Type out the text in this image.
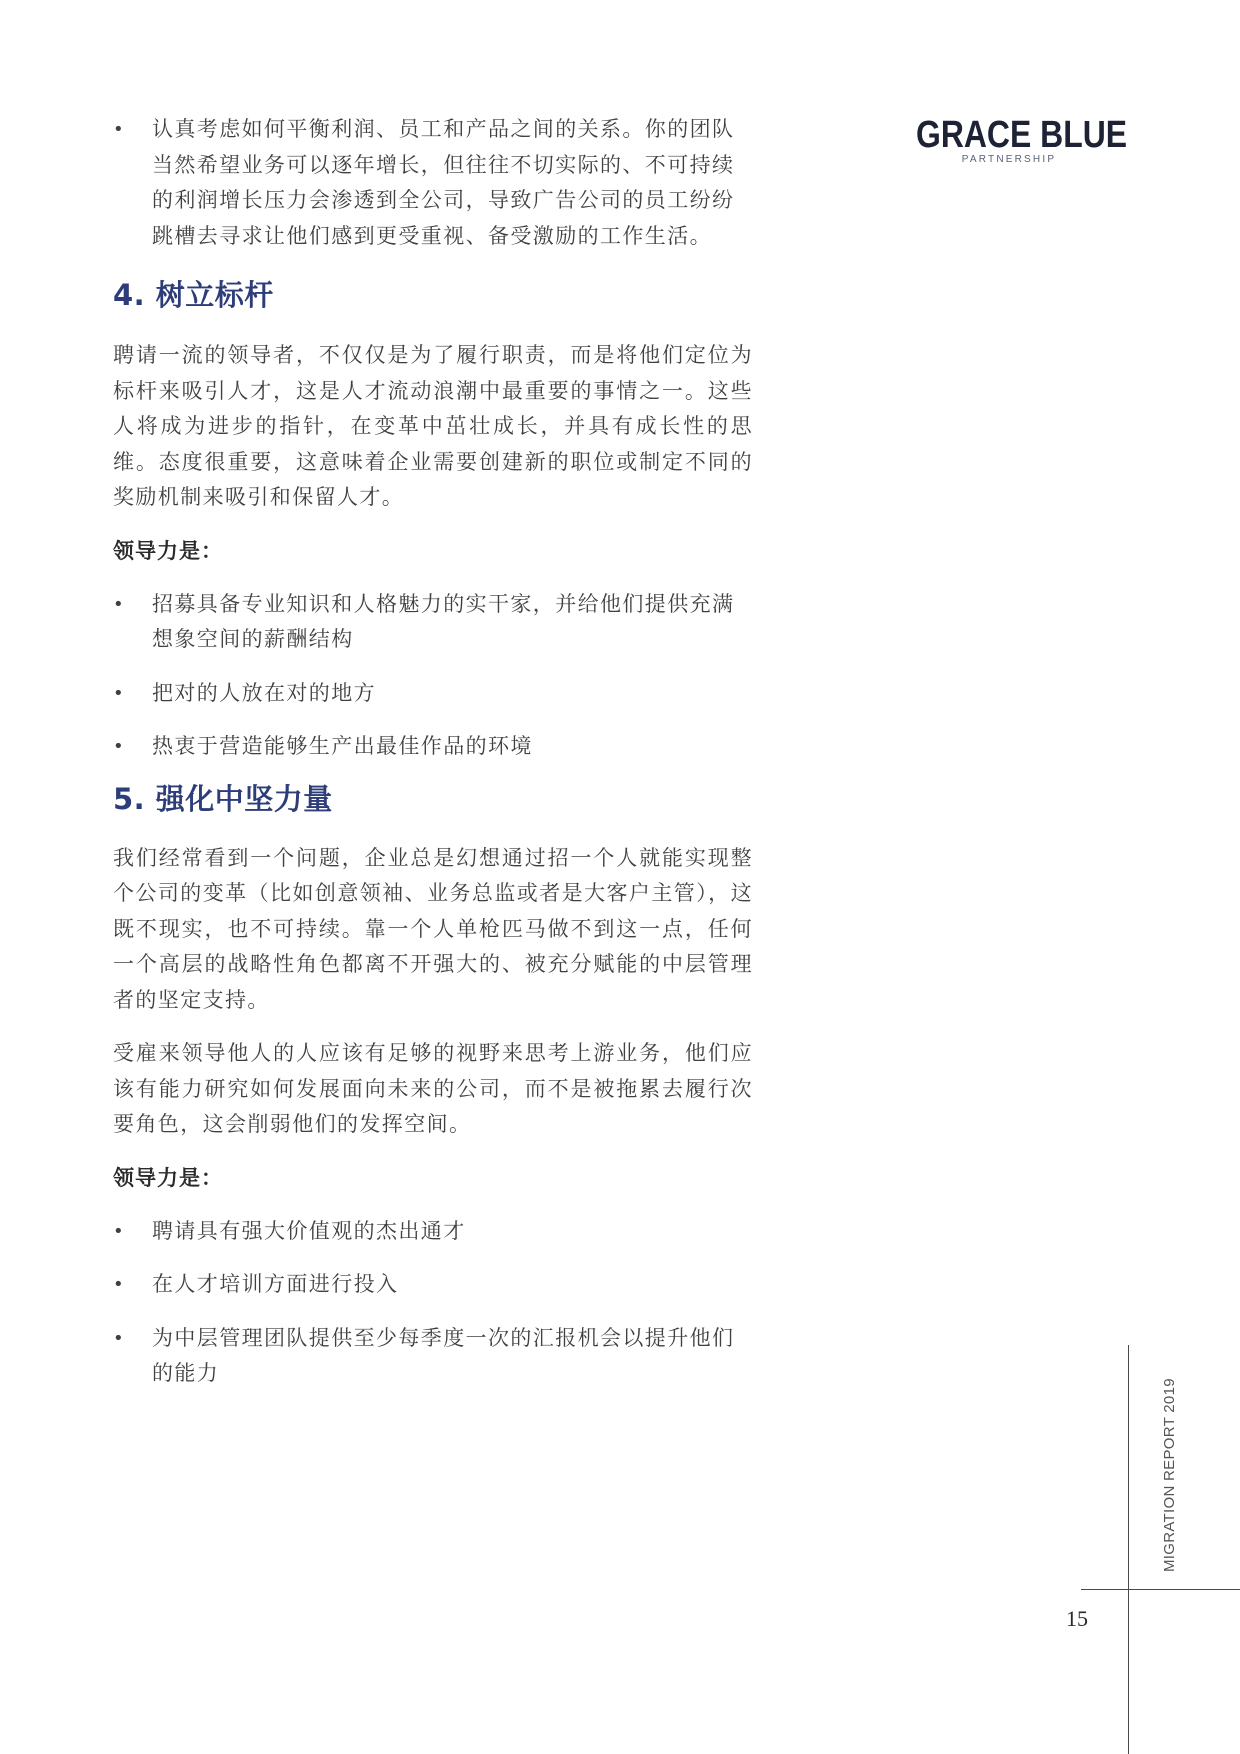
GRACE BLUE
PARTNERSHIP
• 认真考虑如何平衡利润、员工和产品之间的关系。你的团队当然希望业务可以逐年增长，但往往不切实际的、不可持续的利润增长压力会渗透到全公司，导致广告公司的员工纷纷跳槽去寻求让他们感到更受重视、备受激励的工作生活。
4. 树立标杆

聘请一流的领导者，不仅仅是为了履行职责，而是将他们定位为标杆来吸引人才，这是人才流动浪潮中最重要的事情之一。这些人将成为进步的指针，在变革中茁壮成长，并具有成长性的思维。态度很重要，这意味着企业需要创建新的职位或制定不同的奖励机制来吸引和保留人才。

领导力是：

• 招募具备专业知识和人格魅力的实干家，并给他们提供充满想象空间的薪酬结构
• 把对的人放在对的地方
• 热衷于营造能够生产出最佳作品的环境
5. 强化中坚力量

我们经常看到一个问题，企业总是幻想通过招一个人就能实现整个公司的变革（比如创意领袖、业务总监或者是大客户主管），这既不现实，也不可持续。靠一个人单枪匹马做不到这一点，任何一个高层的战略性角色都离不开强大的、被充分赋能的中层管理者的坚定支持。

受雇来领导他人的人应该有足够的视野来思考上游业务，他们应该有能力研究如何发展面向未来的公司，而不是被拖累去履行次要角色，这会削弱他们的发挥空间。

领导力是：

• 聘请具有强大价值观的杰出通才
• 在人才培训方面进行投入
• 为中层管理团队提供至少每季度一次的汇报机会以提升他们的能力
MIGRATION REPORT 2019
15
